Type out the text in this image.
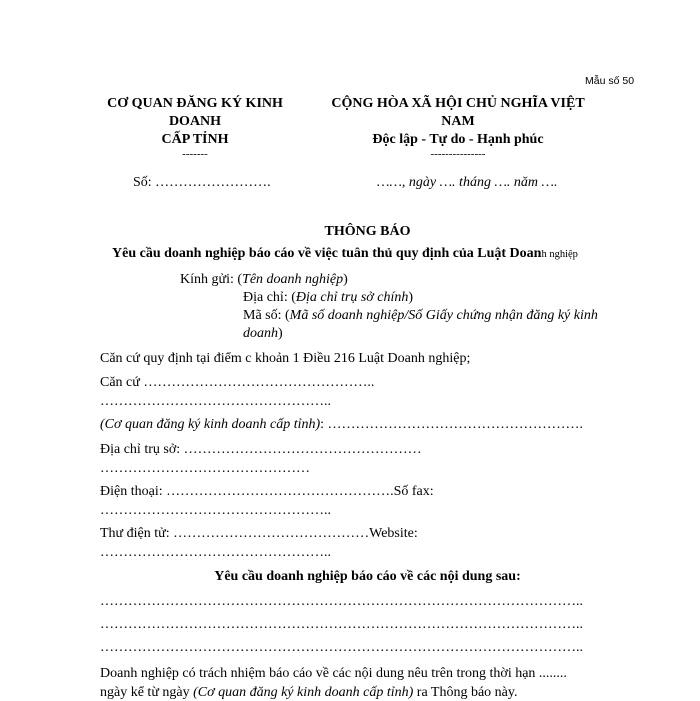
Mẫu số 50
CƠ QUAN ĐĂNG KÝ KINH
DOANH
CẤP TỈNH
-------
Số: …………………….
CỘNG HÒA XÃ HỘI CHỦ NGHĨA VIỆT
NAM
Độc lập - Tự do - Hạnh phúc
---------------
……, ngày …. tháng …. năm ….
THÔNG BÁO
Yêu cầu doanh nghiệp báo cáo về việc tuân thủ quy định của Luật Doanh nghiệp
Kính gửi: (Tên doanh nghiệp)
Địa chỉ: (Địa chỉ trụ sở chính)
Mã số: (Mã số doanh nghiệp/Số Giấy chứng nhận đăng ký kinh
doanh)
Căn cứ quy định tại điểm c khoản 1 Điều 216 Luật Doanh nghiệp;
Căn cứ …………………………………………..
…………………………………………..
(Cơ quan đăng ký kinh doanh cấp tỉnh): ……………………………………………….
Địa chỉ trụ sở: ……………………………………………
………………………………………
Điện thoại: ………………………………………….Số fax:
…………………………………………..
Thư điện tử: ……………………………………Website:
…………………………………………..
Yêu cầu doanh nghiệp báo cáo về các nội dung sau:
…………………………………………………………………………………………..
…………………………………………………………………………………………..
…………………………………………………………………………………………..
Doanh nghiệp có trách nhiệm báo cáo về các nội dung nêu trên trong thời hạn ........
ngày kể từ ngày (Cơ quan đăng ký kinh doanh cấp tỉnh) ra Thông báo này.
